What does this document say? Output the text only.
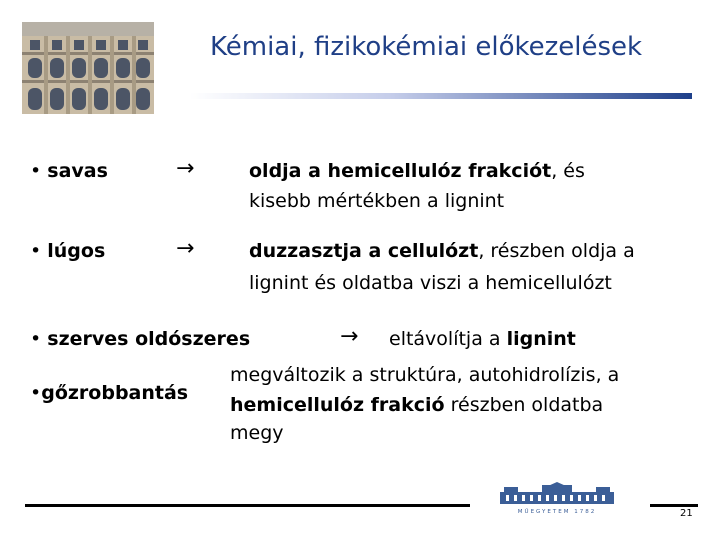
Kémiai, fizikokémiai előkezelések
• savas	→	oldja a hemicellulóz frakciót, és
kisebb mértékben a lignint
• lúgos	→	duzzasztja a cellulózt, részben oldja a
lignint és oldatba viszi a hemicellulózt
• szerves oldószeres	→ eltávolítja a lignint
•gőzrobbantás
megváltozik a struktúra, autohidrolízis, a
hemicellulóz frakció részben oldatba
megy
MŰEGYETEM 1782	21
